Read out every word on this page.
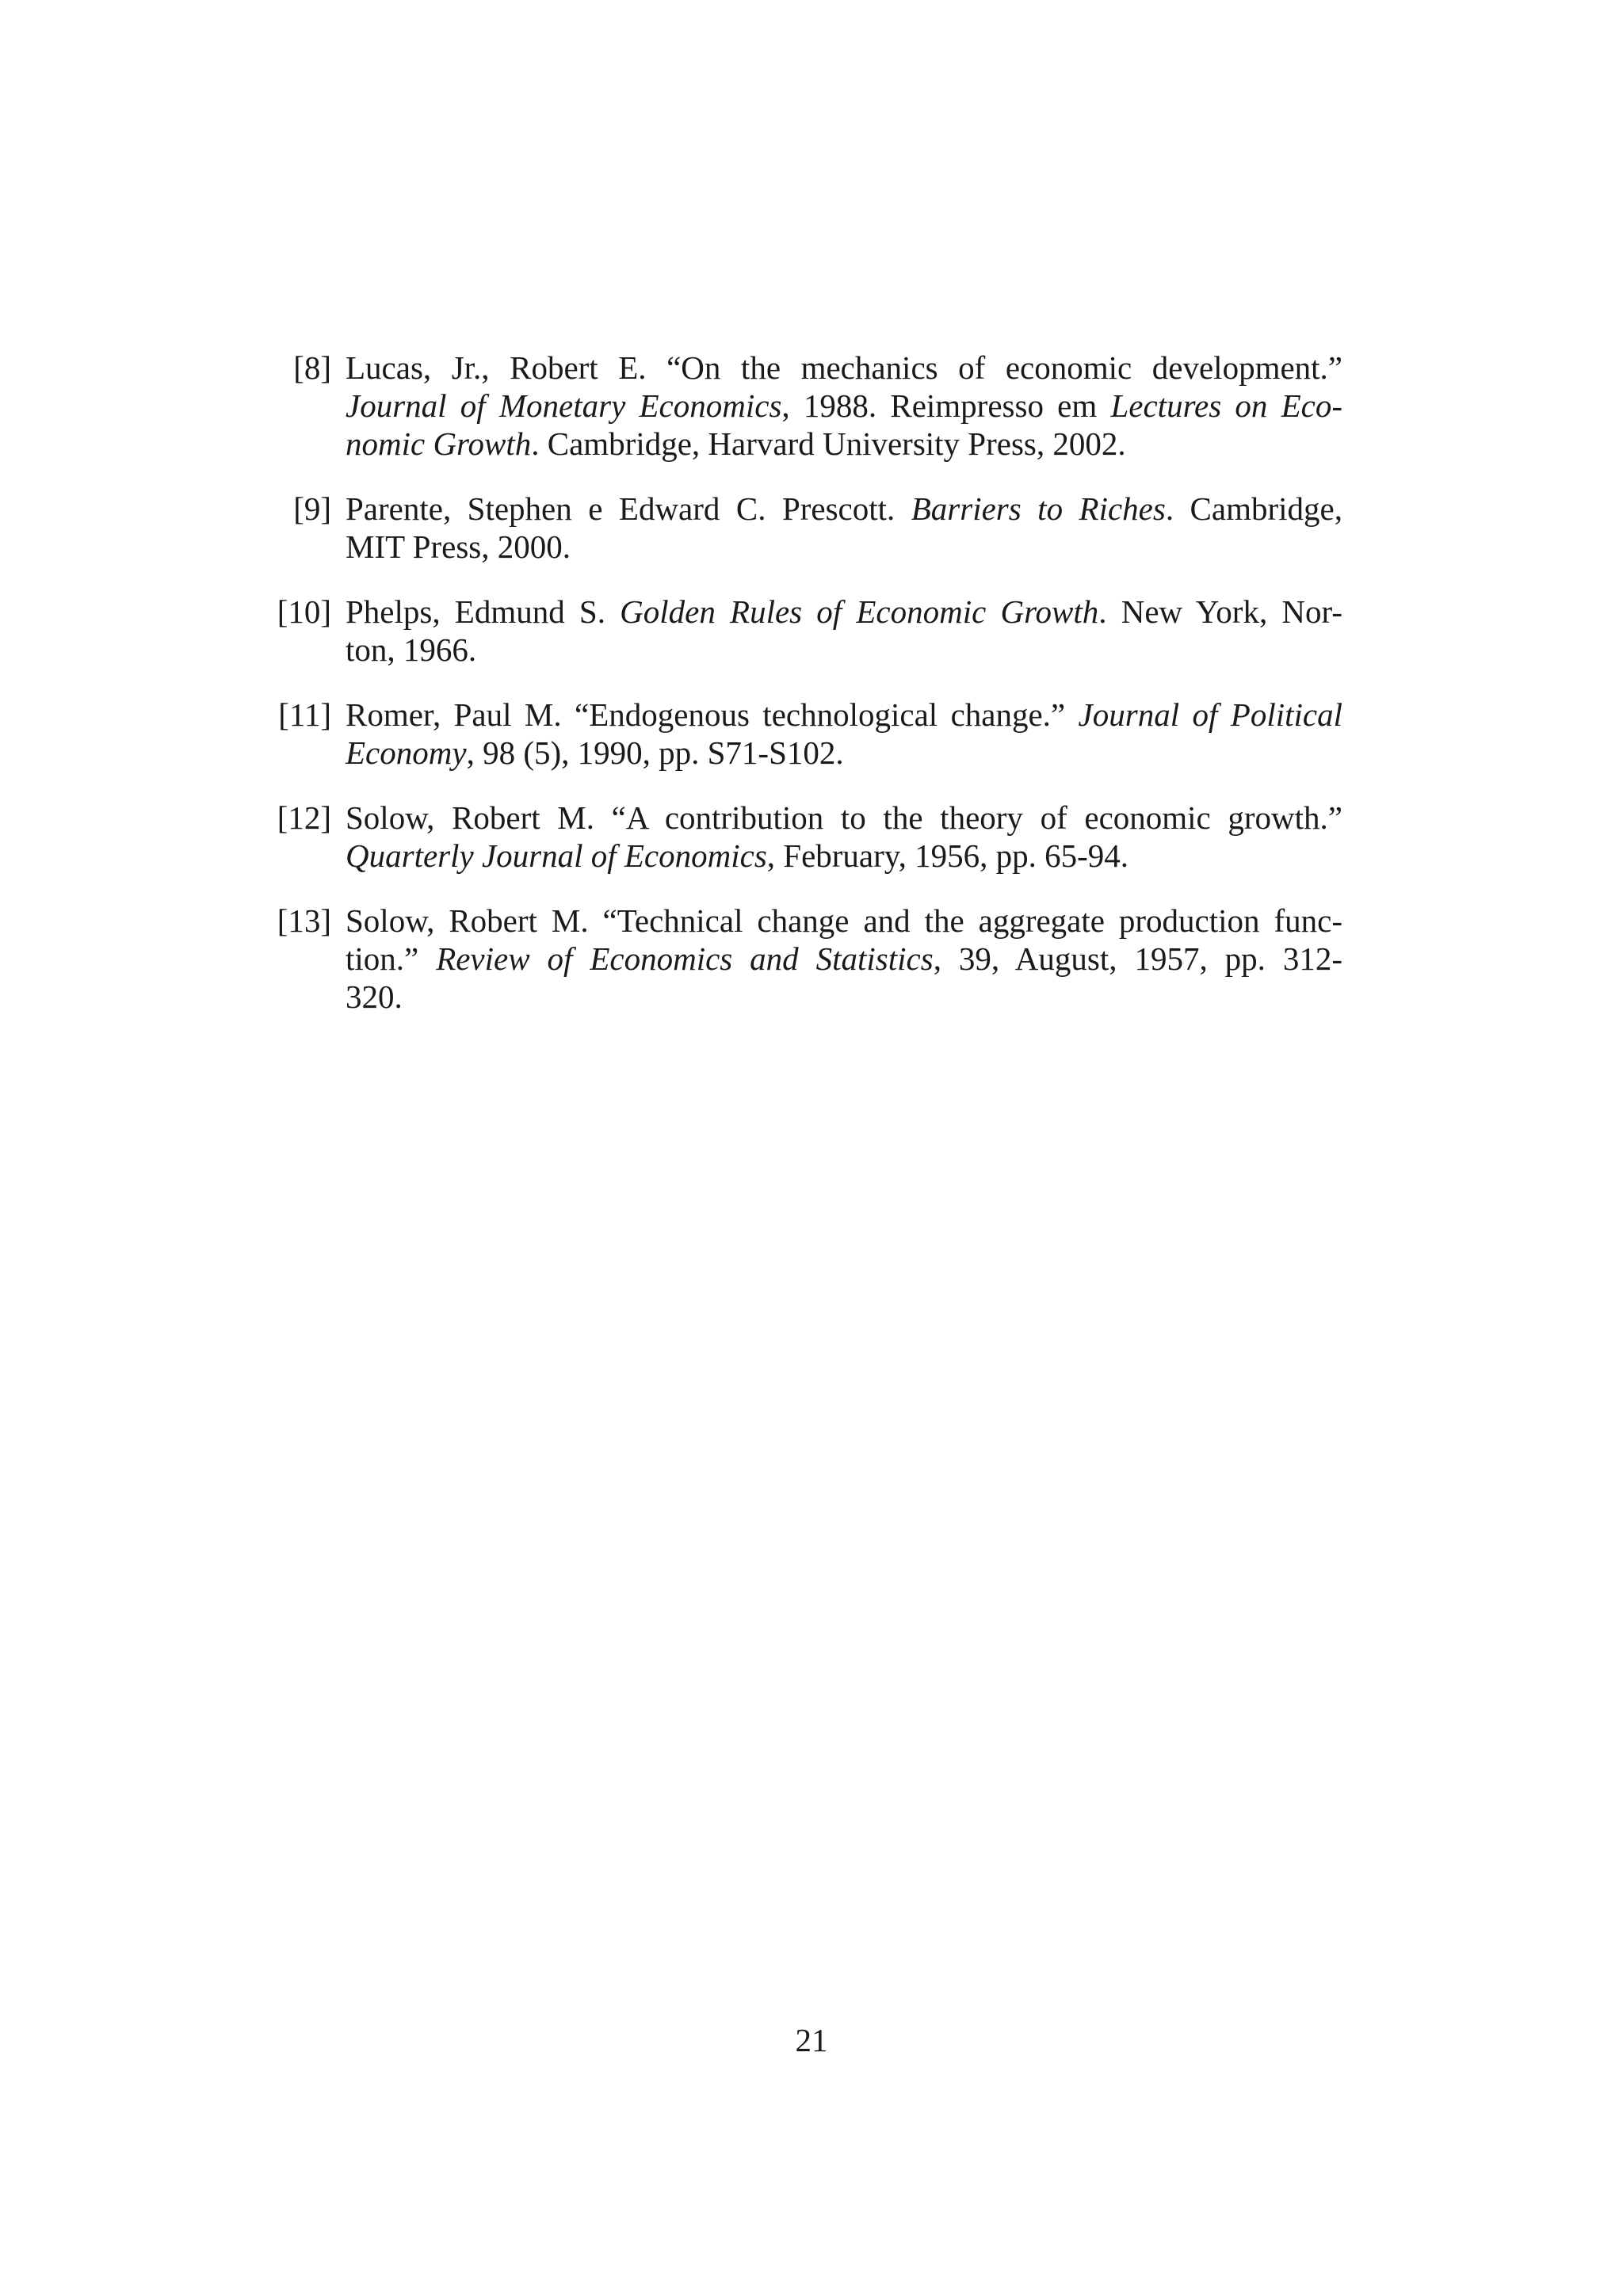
[8] Lucas, Jr., Robert E. “On the mechanics of economic development.”
Journal of Monetary Economics, 1988. Reimpresso em Lectures on Eco-
nomic Growth. Cambridge, Harvard University Press, 2002.
[9] Parente, Stephen e Edward C. Prescott. Barriers to Riches. Cambridge,
MIT Press, 2000.
[10] Phelps, Edmund S. Golden Rules of Economic Growth. New York, Nor-
ton, 1966.
[11] Romer, Paul M. “Endogenous technological change.” Journal of Political
Economy, 98 (5), 1990, pp. S71-S102.
[12] Solow, Robert M. “A contribution to the theory of economic growth.”
Quarterly Journal of Economics, February, 1956, pp. 65-94.
[13] Solow, Robert M. “Technical change and the aggregate production func-
tion.” Review of Economics and Statistics, 39, August, 1957, pp. 312-
320.
21
